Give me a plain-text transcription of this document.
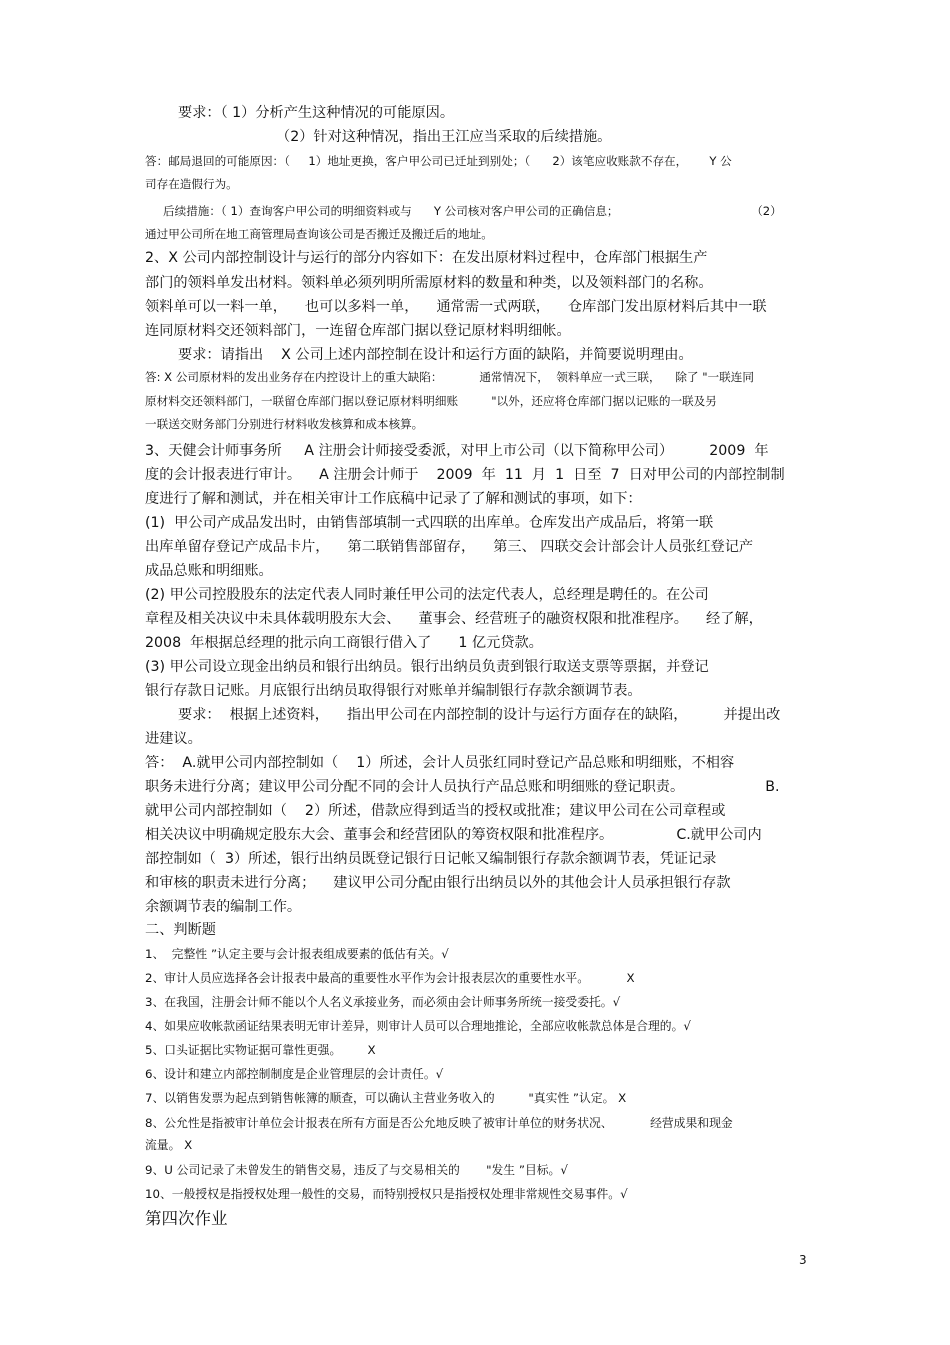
要求：（ 1）分析产生这种情况的可能原因。
（2）针对这种情况，指出王江应当采取的后续措施。
答：邮局退回的可能原因：（     1）地址更换，客户甲公司已迁址到别处；（      2）该笔应收账款不存在，      Y 公
司存在造假行为。
后续措施：（ 1）查询客户甲公司的明细资料或与      Y 公司核对客户甲公司的正确信息；                                    （2）
通过甲公司所在地工商管理局查询该公司是否搬迁及搬迁后的地址。
2、X 公司内部控制设计与运行的部分内容如下：在发出原材料过程中，仓库部门根据生产
部门的领料单发出材料。领料单必须列明所需原材料的数量和种类，以及领料部门的名称。
领料单可以一料一单，    也可以多料一单，    通常需一式两联，    仓库部门发出原材料后其中一联
连同原材料交还领料部门，一连留仓库部门据以登记原材料明细帐。
要求：请指出    X 公司上述内部控制在设计和运行方面的缺陷，并简要说明理由。
答: X 公司原材料的发出业务存在内控设计上的重大缺陷：          通常情况下，  领料单应一式三联，    除了 "一联连同
原材料交还领料部门，一联留仓库部门据以登记原材料明细账         "以外，还应将仓库部门据以记账的一联及另
一联送交财务部门分别进行材料收发核算和成本核算。
3、天健会计师事务所     A 注册会计师接受委派，对甲上市公司（以下简称甲公司）        2009  年
度的会计报表进行审计。    A 注册会计师于    2009  年  11  月  1  日至  7  日对甲公司的内部控制制
度进行了解和测试，并在相关审计工作底稿中记录了了解和测试的事项，如下：
(1)  甲公司产成品发出时，由销售部填制一式四联的出库单。仓库发出产成品后，将第一联
出库单留存登记产成品卡片，    第二联销售部留存，    第三、 四联交会计部会计人员张红登记产
成品总账和明细账。
(2) 甲公司控股股东的法定代表人同时兼任甲公司的法定代表人，总经理是聘任的。在公司
章程及相关决议中未具体载明股东大会、    董事会、经营班子的融资权限和批准程序。    经了解，
2008  年根据总经理的批示向工商银行借入了      1 亿元贷款。
(3) 甲公司设立现金出纳员和银行出纳员。银行出纳员负责到银行取送支票等票据，并登记
银行存款日记账。月底银行出纳员取得银行对账单并编制银行存款余额调节表。
要求：  根据上述资料，    指出甲公司在内部控制的设计与运行方面存在的缺陷，        并提出改
进建议。
答：  A.就甲公司内部控制如（    1）所述，会计人员张红同时登记产品总账和明细账，不相容
职务未进行分离；建议甲公司分配不同的会计人员执行产品总账和明细账的登记职责。                  B.
就甲公司内部控制如（    2）所述，借款应得到适当的授权或批准；建议甲公司在公司章程或
相关决议中明确规定股东大会、董事会和经营团队的筹资权限和批准程序。              C.就甲公司内
部控制如（  3）所述，银行出纳员既登记银行日记帐又编制银行存款余额调节表，凭证记录
和审核的职责未进行分离；    建议甲公司分配由银行出纳员以外的其他会计人员承担银行存款
余额调节表的编制工作。
二、判断题
1、  完整性 ”认定主要与会计报表组成要素的低估有关。√
2、审计人员应选择各会计报表中最高的重要性水平作为会计报表层次的重要性水平。          X
3、在我国，注册会计师不能以个人名义承接业务，而必须由会计师事务所统一接受委托。√
4、如果应收帐款函证结果表明无审计差异，则审计人员可以合理地推论，全部应收帐款总体是合理的。√
5、口头证据比实物证据可靠性更强。       X
6、设计和建立内部控制制度是企业管理层的会计责任。√
7、以销售发票为起点到销售帐簿的顺查，可以确认主营业务收入的         "真实性 ”认定。 X
8、公允性是指被审计单位会计报表在所有方面是否公允地反映了被审计单位的财务状况、          经营成果和现金
流量。 X
9、U 公司记录了未曾发生的销售交易，违反了与交易相关的       "发生 ”目标。√
10、一般授权是指授权处理一般性的交易，而特别授权只是指授权处理非常规性交易事件。√
第四次作业
3
